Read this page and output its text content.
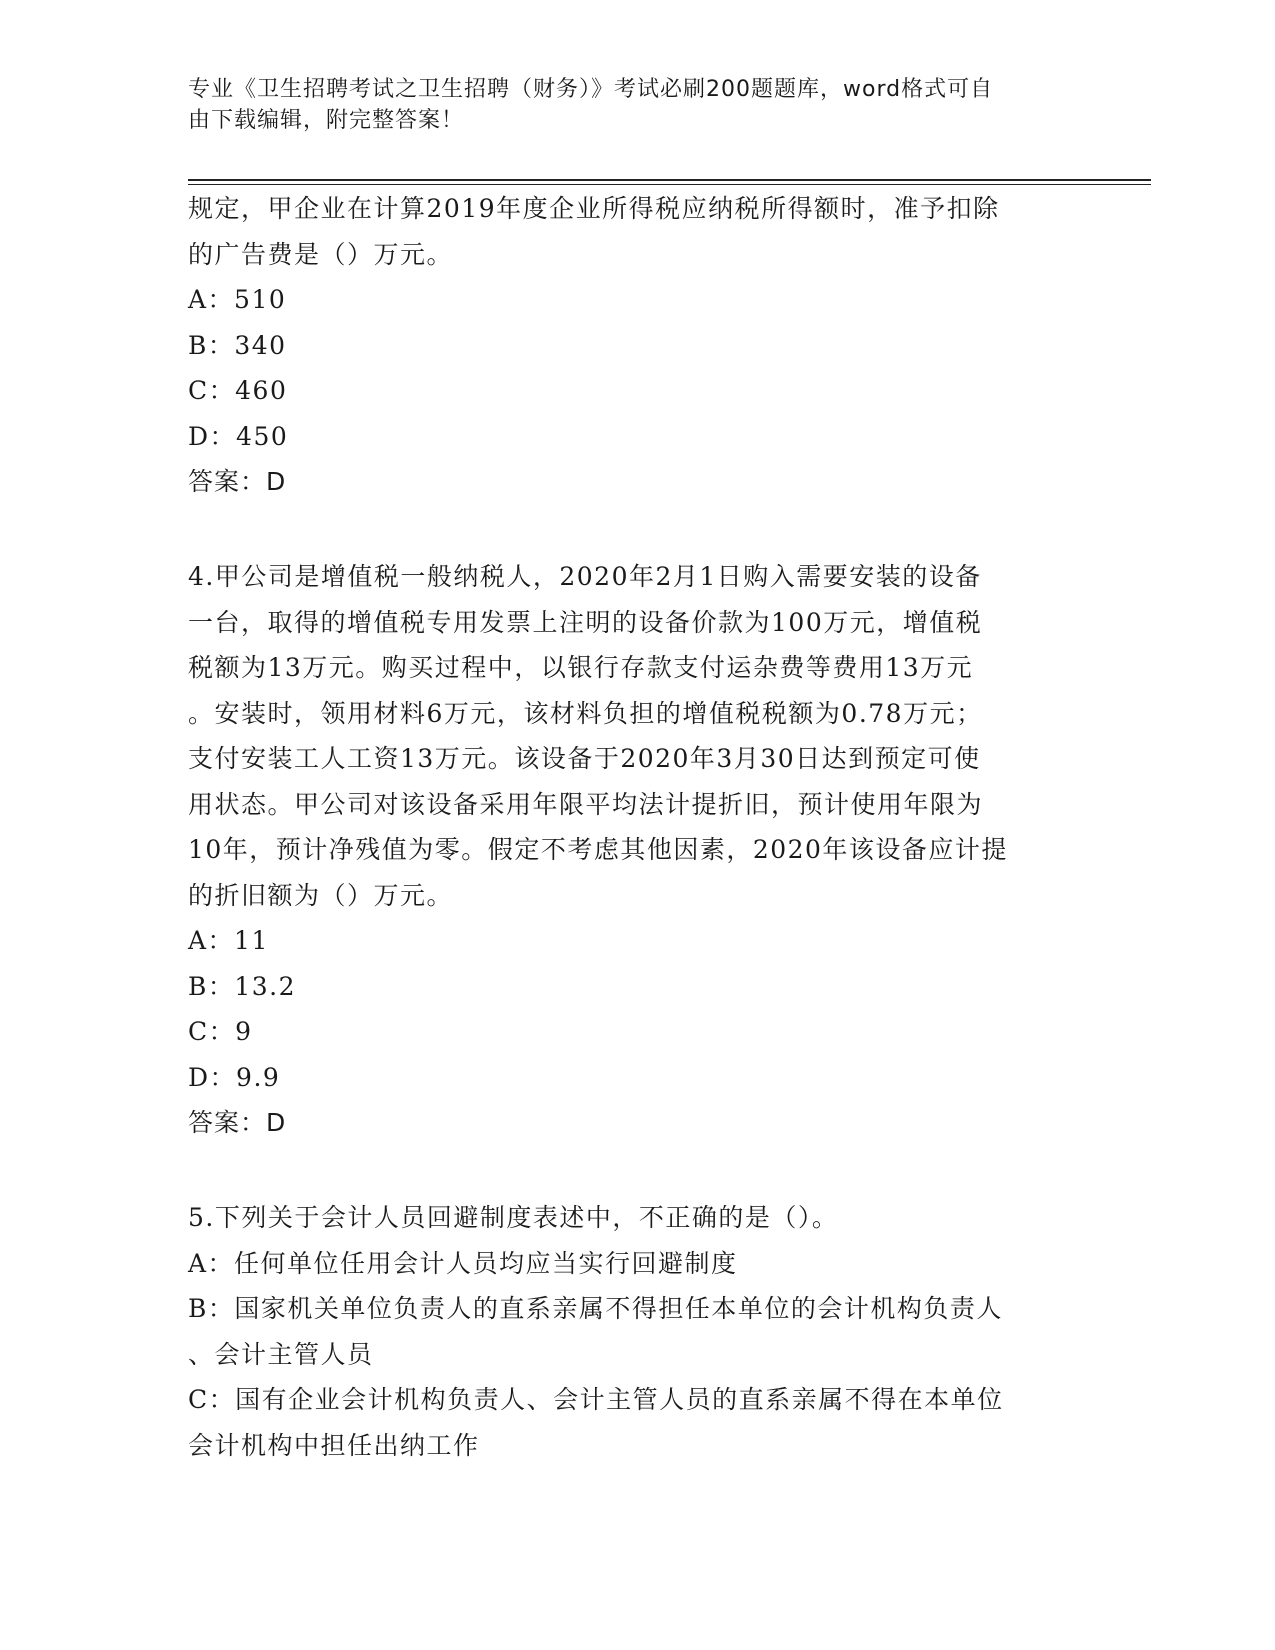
专业《卫生招聘考试之卫生招聘（财务）》考试必刷200题题库，word格式可自
由下载编辑，附完整答案！
规定，甲企业在计算2019年度企业所得税应纳税所得额时，准予扣除
的广告费是（）万元。
A：510
B：340
C：460
D：450
答案：D
4.甲公司是增值税一般纳税人，2020年2月1日购入需要安装的设备
一台，取得的增值税专用发票上注明的设备价款为100万元，增值税
税额为13万元。购买过程中，以银行存款支付运杂费等费用13万元
。安装时，领用材料6万元，该材料负担的增值税税额为0.78万元；
支付安装工人工资13万元。该设备于2020年3月30日达到预定可使
用状态。甲公司对该设备采用年限平均法计提折旧，预计使用年限为
10年，预计净残值为零。假定不考虑其他因素，2020年该设备应计提
的折旧额为（）万元。
A：11
B：13.2
C：9
D：9.9
答案：D
5.下列关于会计人员回避制度表述中，不正确的是（）。
A：任何单位任用会计人员均应当实行回避制度
B：国家机关单位负责人的直系亲属不得担任本单位的会计机构负责人
、会计主管人员
C：国有企业会计机构负责人、会计主管人员的直系亲属不得在本单位
会计机构中担任出纳工作
